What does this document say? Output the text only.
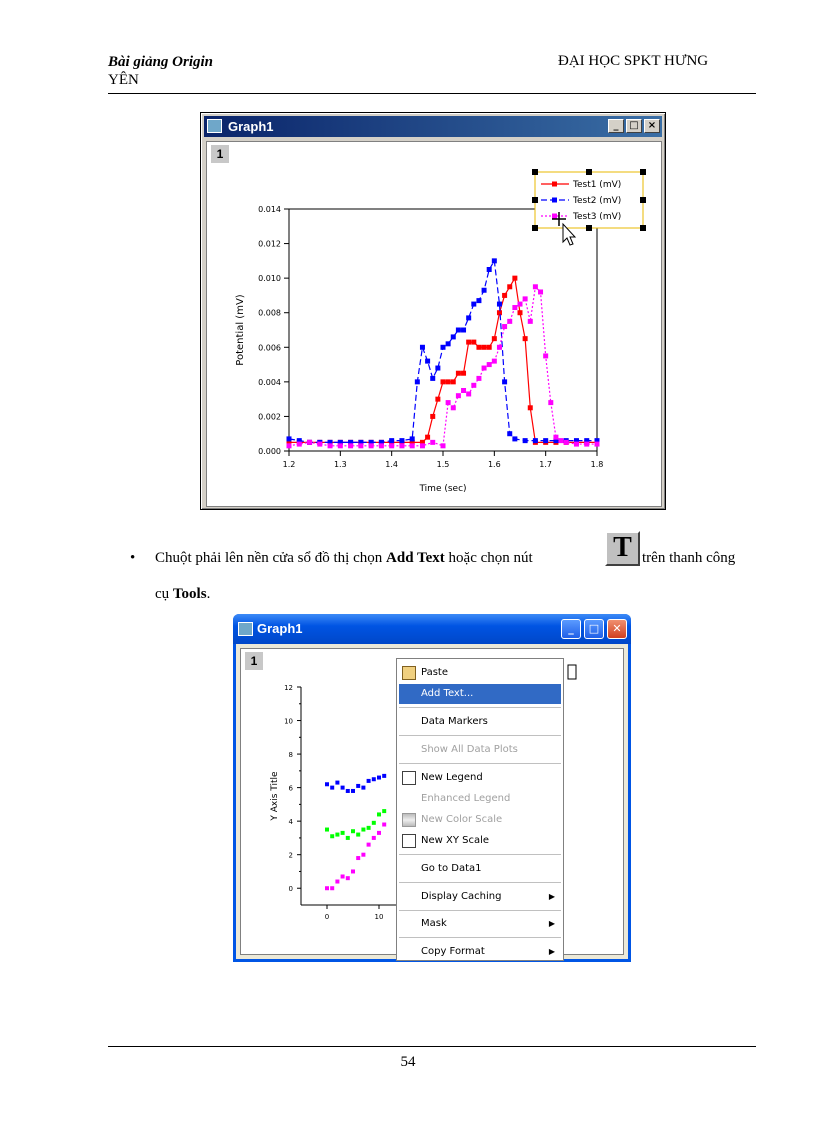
Bài giảng Origin
YÊN
ĐẠI HỌC SPKT HƯNG
Graph1	_	□ ×
1
0.000
0.002
0.004
0.006
0.008
0.010
0.012
0.014
1.2	1.3	1.4	1.5	1.6	1.7	1.8
Time (sec)
Potential (mV)
Test1 (mV)
Test2 (mV)
Test3 (mV)
• Chuột phải lên nền cửa sổ đồ thị chọn Add Text hoặc chọn nút
cụ Tools.
T trên thanh công
Graph1	_	□	✕
1
0
2
4
6
8
10
12
0	10
Y Axis Title
Paste
Add Text...
Data Markers
Show All Data Plots
New Legend
Enhanced Legend
New Color Scale
New XY Scale
Go to Data1
Display Caching	▶
Mask	▶
Copy Format	▶
54
